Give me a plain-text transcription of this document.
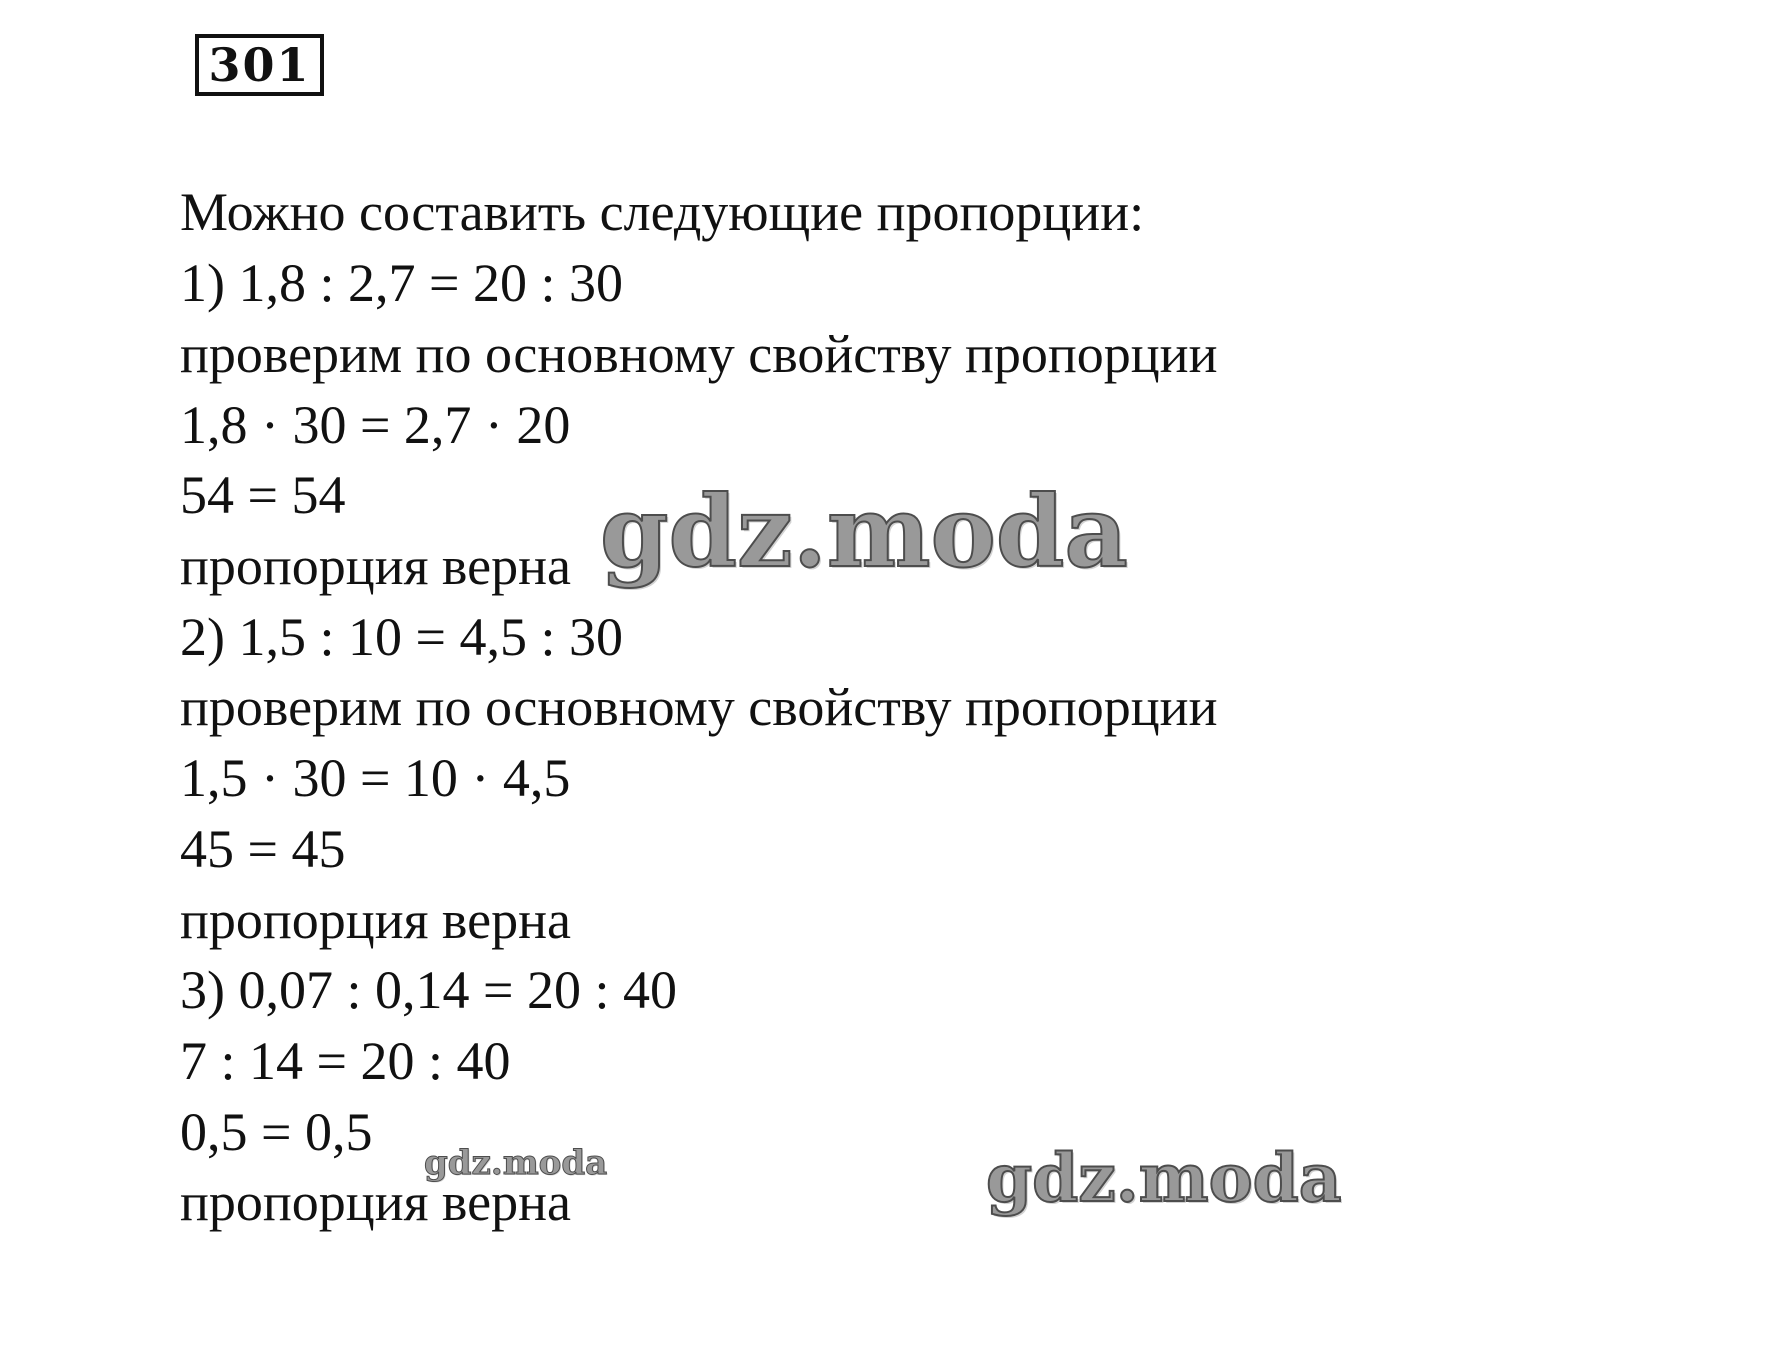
301
Можно составить следующие пропорции:
1) 1,8 : 2,7 = 20 : 30
проверим по основному свойству пропорции
1,8 · 30 = 2,7 · 20
54 = 54
пропорция верна
2) 1,5 : 10 = 4,5 : 30
проверим по основному свойству пропорции
1,5 · 30 = 10 · 4,5
45 = 45
пропорция верна
3) 0,07 : 0,14 = 20 : 40
7 : 14 = 20 : 40
0,5 = 0,5
пропорция верна
gdz.moda
gdz.moda	gdz.moda
